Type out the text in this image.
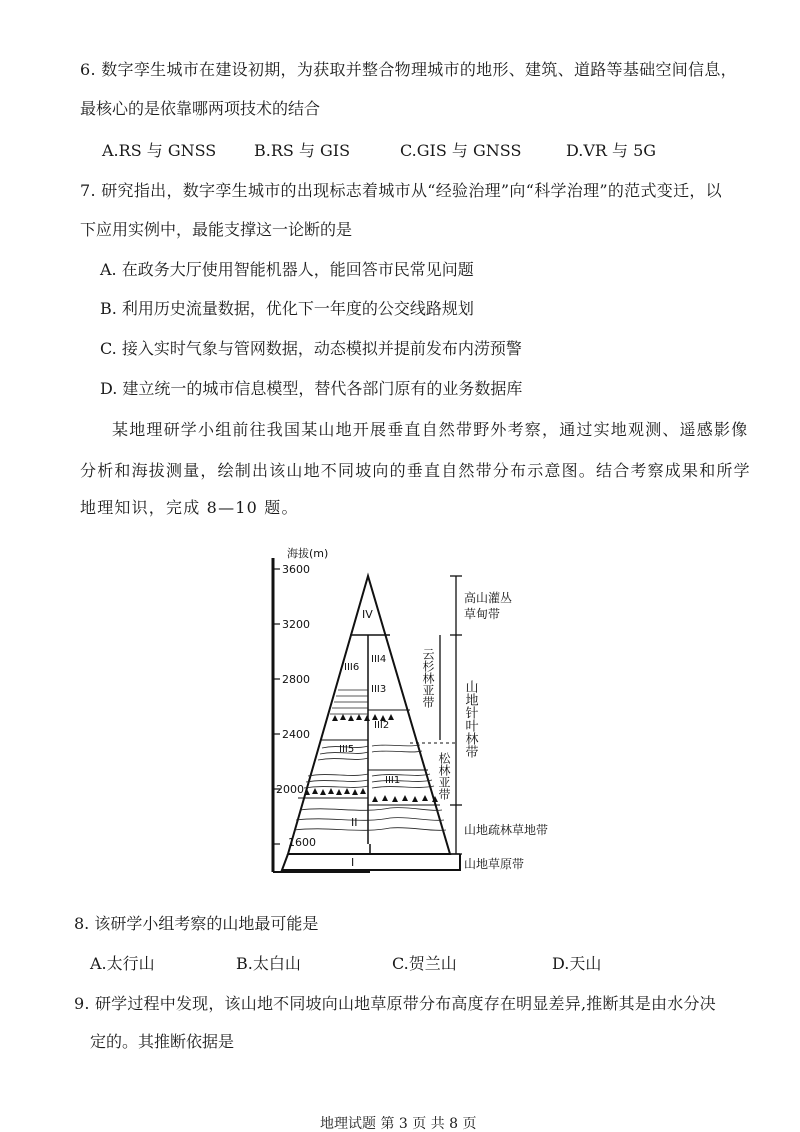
6. 数字孪生城市在建设初期，为获取并整合物理城市的地形、建筑、道路等基础空间信息，
最核心的是依靠哪两项技术的结合
A.RS 与 GNSS B.RS 与 GIS	C.GIS 与 GNSS	D.VR 与 5G
7. 研究指出，数字孪生城市的出现标志着城市从“经验治理”向“科学治理”的范式变迁，以
下应用实例中，最能支撑这一论断的是
A. 在政务大厅使用智能机器人，能回答市民常见问题
B. 利用历史流量数据，优化下一年度的公交线路规划
C. 接入实时气象与管网数据，动态模拟并提前发布内涝预警
D. 建立统一的城市信息模型，替代各部门原有的业务数据库
某地理研学小组前往我国某山地开展垂直自然带野外考察，通过实地观测、遥感影像
分析和海拔测量，绘制出该山地不同坡向的垂直自然带分布示意图。结合考察成果和所学
地理知识，完成 8—10 题。
海拔(m)
3600
3200
2800
2400
2000
1600
IV
III4
III6
III3
III2
III5
III1
II
I
高山灌丛
草甸带
云杉林亚带
山地针叶林带
松林亚带
山地疏林草地带
山地草原带
8. 该研学小组考察的山地最可能是
A.太行山	B.太白山	C.贺兰山	D.天山
9. 研学过程中发现，该山地不同坡向山地草原带分布高度存在明显差异,推断其是由水分决
定的。其推断依据是
地理试题 第 3 页 共 8 页
